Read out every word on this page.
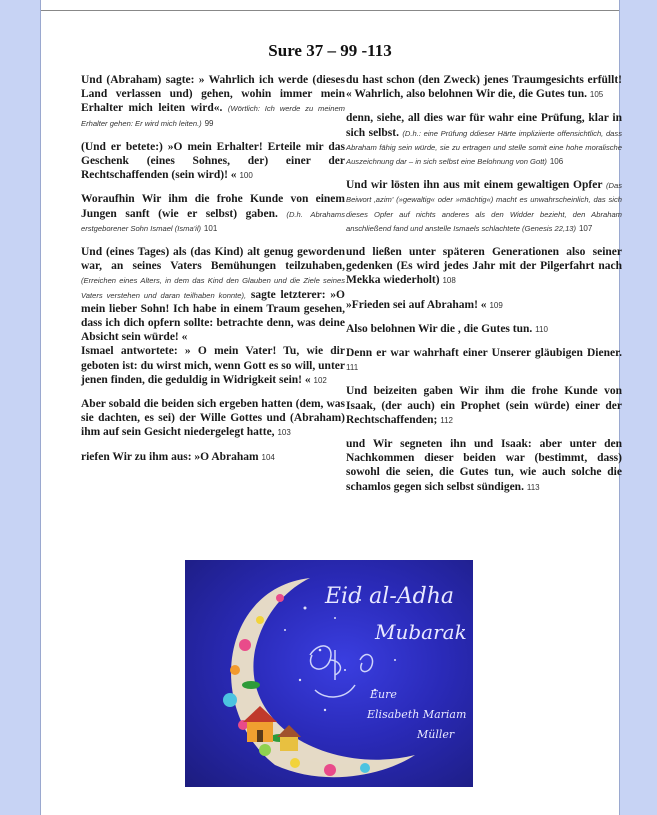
Sure 37 – 99 -113

Und (Abraham) sagte: » Wahrlich ich werde (dieses Land verlassen und) gehen, wohin immer mein Erhalter mich leiten wird«. (Wörtlich: Ich werde zu meinem Erhalter gehen: Er wird mich leiten.) 99

(Und er betete:) »O mein Erhalter! Erteile mir das Geschenk (eines Sohnes, der) einer der Rechtschaffenden (sein wird)! « 100

Woraufhin Wir ihm die frohe Kunde von einem Jungen sanft (wie er selbst) gaben. (D.h. Abrahams erstgeborener Sohn Ismael (Isma'il) 101

Und (eines Tages) als (das Kind) alt genug geworden war, an seines Vaters Bemühungen teilzuhaben, (Erreichen eines Alters, in dem das Kind den Glauben und die Ziele seines Vaters verstehen und daran teilhaben konnte), sagte letzterer: »O mein lieber Sohn! Ich habe in einem Traum gesehen, dass ich dich opfern sollte: betrachte denn, was deine Absicht sein würde! «
Ismael antwortete: » O mein Vater! Tu, wie dir geboten ist: du wirst mich, wenn Gott es so will, unter jenen finden, die geduldig in Widrigkeit sein! « 102

Aber sobald die beiden sich ergeben hatten (dem, was sie dachten, es sei) der Wille Gottes und (Abraham) ihm auf sein Gesicht niedergelegt hatte, 103

riefen Wir zu ihm aus: »O Abraham 104

du hast schon (den Zweck) jenes Traumgesichts erfüllt! « Wahrlich, also belohnen Wir die, die Gutes tun. 105

denn, siehe, all dies war für wahr eine Prüfung, klar in sich selbst. (D.h.: eine Prüfung ddieser Härte impliziierte offensichtlich, dass Abraham fähig sein würde, sie zu ertragen und stelle somit eine hohe moralische Auszeichnung dar – in sich selbst eine Belohnung von Gott) 106

Und wir lösten ihn aus mit einem gewaltigen Opfer (Das Beiwort ‚azim' (»gewaltig« oder »mächtig«) macht es unwahrscheinlich, das sich dieses Opfer auf nichts anderes als den Widder bezieht, den Abraham anschließend fand und anstelle Ismaels schlachtete (Genesis 22,13) 107

und ließen unter späteren Generationen also seiner gedenken (Es wird jedes Jahr mit der Pilgerfahrt nach Mekka wiederholt) 108

»Frieden sei auf Abraham! « 109

Also belohnen Wir die , die Gutes tun. 110

Denn er war wahrhaft einer Unserer gläubigen Diener. 111

Und beizeiten gaben Wir ihm die frohe Kunde von Isaak, (der auch) ein Prophet (sein würde) einer der Rechtschaffenden; 112

und Wir segneten ihn und Isaak: aber unter den Nachkommen dieser beiden war (bestimmt, dass) sowohl die seien, die Gutes tun, wie auch solche die schamlos gegen sich selbst sündigen. 113

Eid al-Adha
Mubarak
Eure
Elisabeth Mariam
Müller
